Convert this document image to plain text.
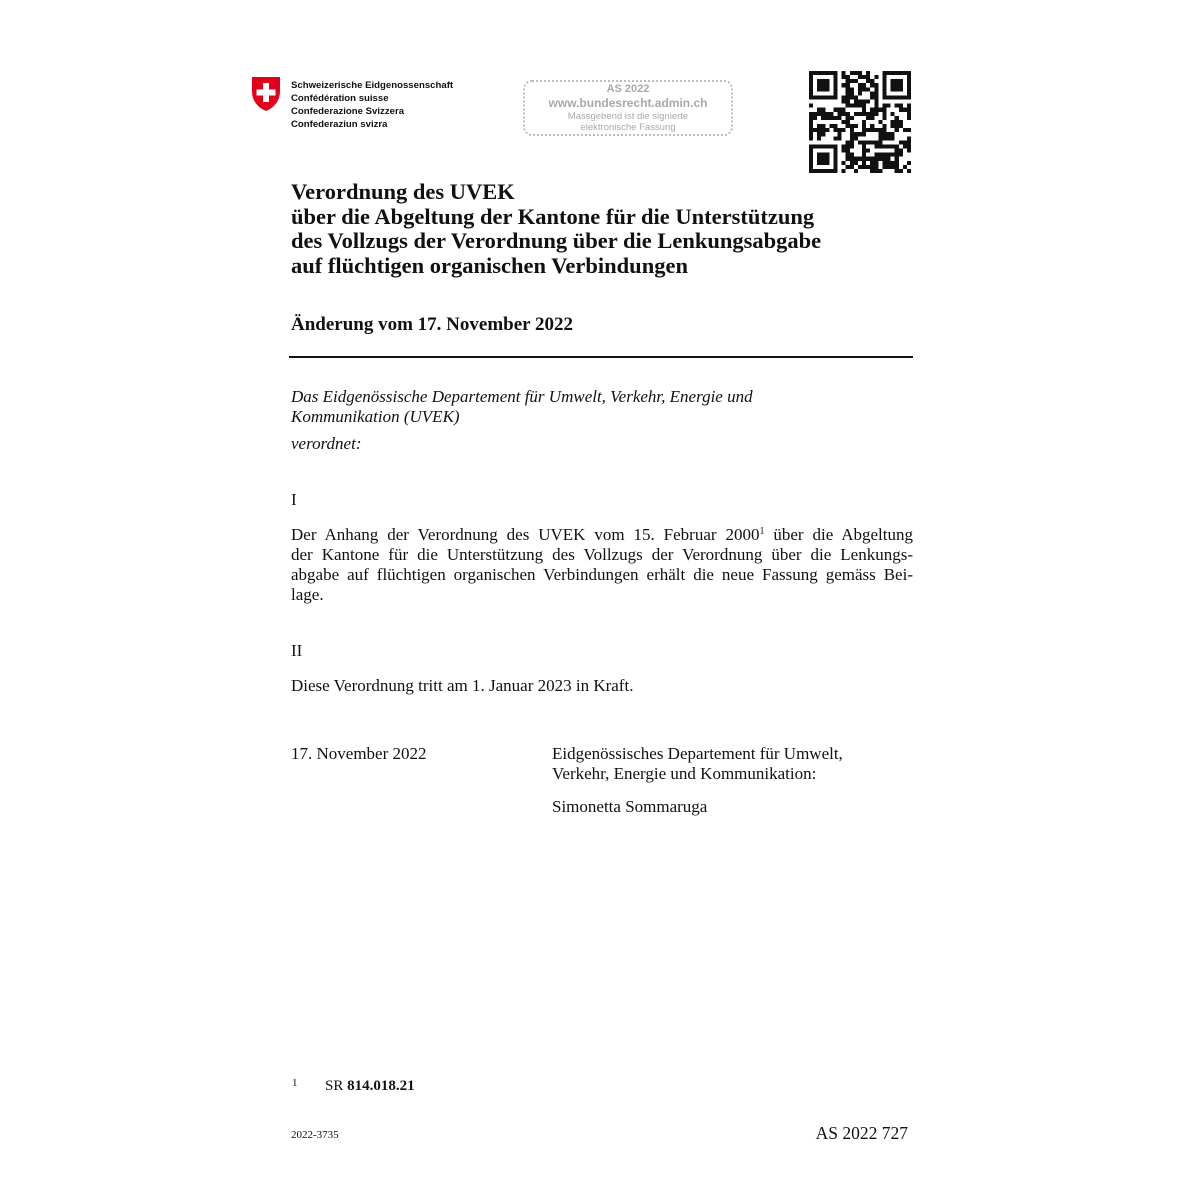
Schweizerische Eidgenossenschaft
Confédération suisse
Confederazione Svizzera
Confederaziun svizra
AS 2022
www.bundesrecht.admin.ch
Massgebend ist die signierte
elektronische Fassung
Verordnung des UVEK
über die Abgeltung der Kantone für die Unterstützung
des Vollzugs der Verordnung über die Lenkungsabgabe
auf flüchtigen organischen Verbindungen
Änderung vom 17. November 2022
Das Eidgenössische Departement für Umwelt, Verkehr, Energie und
Kommunikation (UVEK)
verordnet:
I
Der Anhang der Verordnung des UVEK vom 15. Februar 2000$^1$ über die Abgeltung
der Kantone für die Unterstützung des Vollzugs der Verordnung über die Lenkungs-
abgabe auf flüchtigen organischen Verbindungen erhält die neue Fassung gemäss Bei-
lage.
II
Diese Verordnung tritt am 1. Januar 2023 in Kraft.
17. November 2022	Eidgenössisches Departement für Umwelt,
Verkehr, Energie und Kommunikation:
Simonetta Sommaruga
1 SR 814.018.21
2022-3735	AS 2022 727
